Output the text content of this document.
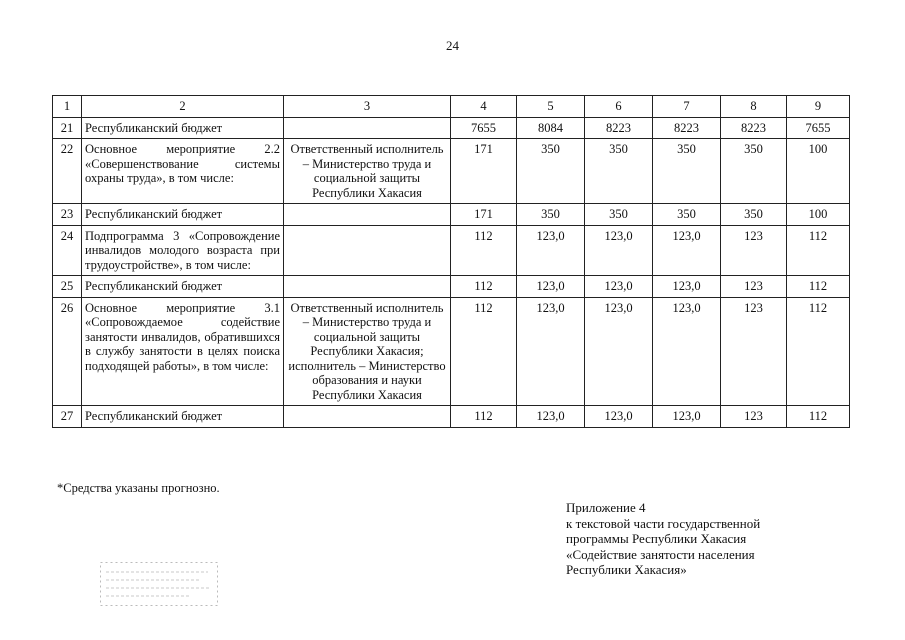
24
1	2	3	4	5	6	7	8	9
21	Республиканский бюджет		7655	8084	8223	8223	8223	7655
22	Основное мероприятие 2.2 «Совершенствование системы охраны труда», в том числе:	Ответственный исполнитель – Министерство труда и социальной защиты Республики Хакасия	171	350	350	350	350	100
23	Республиканский бюджет		171	350	350	350	350	100
24	Подпрограмма 3 «Сопровождение инвалидов молодого возраста при трудоустройстве», в том числе:		112	123,0	123,0	123,0	123	112
25	Республиканский бюджет		112	123,0	123,0	123,0	123	112
26	Основное мероприятие 3.1 «Сопровождаемое содействие занятости инвалидов, обратившихся в службу занятости в целях поиска подходящей работы», в том числе:	Ответственный исполнитель – Министерство труда и социальной защиты Республики Хакасия; исполнитель – Министерство образования и науки Республики Хакасия	112	123,0	123,0	123,0	123	112
27	Республиканский бюджет		112	123,0	123,0	123,0	123	112
*Средства указаны прогнозно.
Приложение 4
к текстовой части государственной
программы Республики Хакасия
«Содействие занятости населения
Республики Хакасия»
